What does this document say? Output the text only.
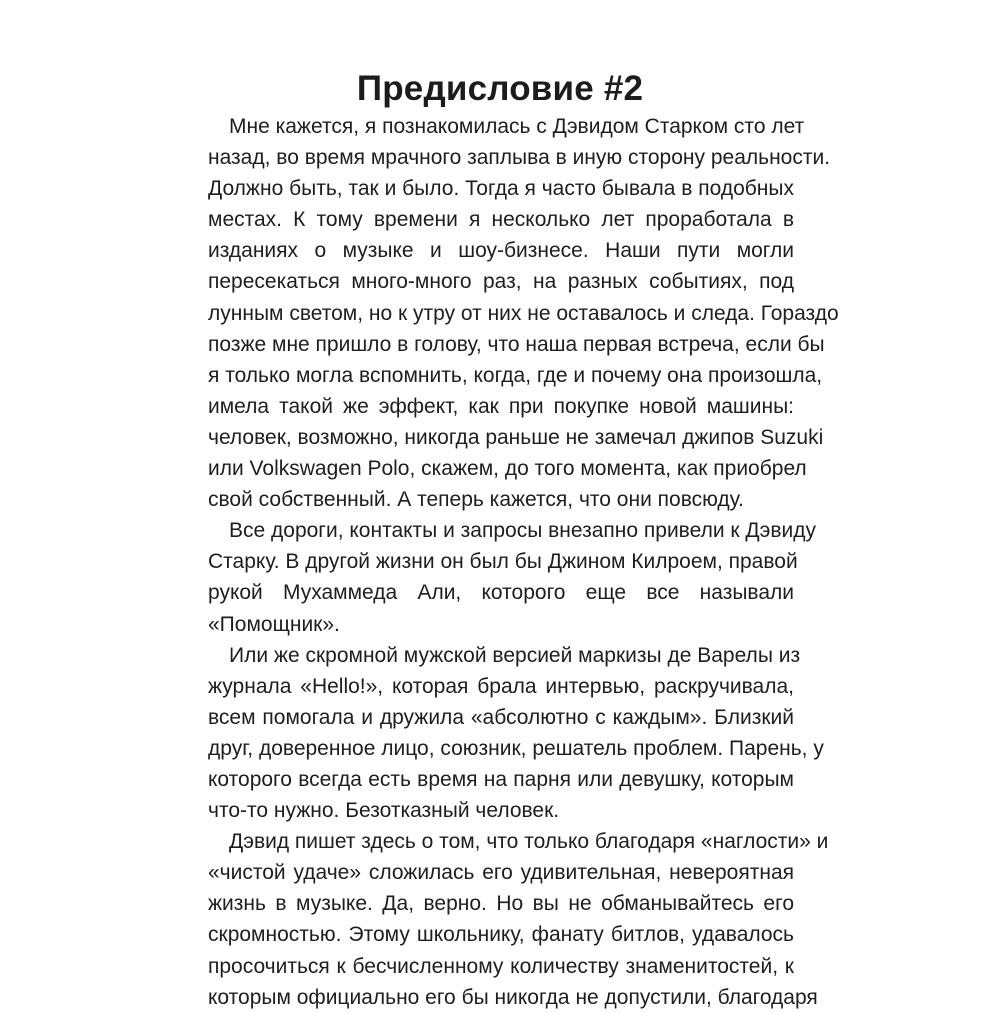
Предисловие #2
Мне кажется, я познакомилась с Дэвидом Старком сто лет
назад, во время мрачного заплыва в иную сторону реальности.
Должно быть, так и было. Тогда я часто бывала в подобных
местах. К тому времени я несколько лет проработала в
изданиях о музыке и шоу-бизнесе. Наши пути могли
пересекаться много-много раз, на разных событиях, под
лунным светом, но к утру от них не оставалось и следа. Гораздо
позже мне пришло в голову, что наша первая встреча, если бы
я только могла вспомнить, когда, где и почему она произошла,
имела такой же эффект, как при покупке новой машины:
человек, возможно, никогда раньше не замечал джипов Suzuki
или Volkswagen Polo, скажем, до того момента, как приобрел
свой собственный. А теперь кажется, что они повсюду.
Все дороги, контакты и запросы внезапно привели к Дэвиду
Старку. В другой жизни он был бы Джином Килроем, правой
рукой Мухаммеда Али, которого еще все называли
«Помощник».
Или же скромной мужской версией маркизы де Варелы из
журнала «Hello!», которая брала интервью, раскручивала,
всем помогала и дружила «абсолютно с каждым». Близкий
друг, доверенное лицо, союзник, решатель проблем. Парень, у
которого всегда есть время на парня или девушку, которым
что-то нужно. Безотказный человек.
Дэвид пишет здесь о том, что только благодаря «наглости» и
«чистой удаче» сложилась его удивительная, невероятная
жизнь в музыке. Да, верно. Но вы не обманывайтесь его
скромностью. Этому школьнику, фанату битлов, удавалось
просочиться к бесчисленному количеству знаменитостей, к
которым официально его бы никогда не допустили, благодаря
